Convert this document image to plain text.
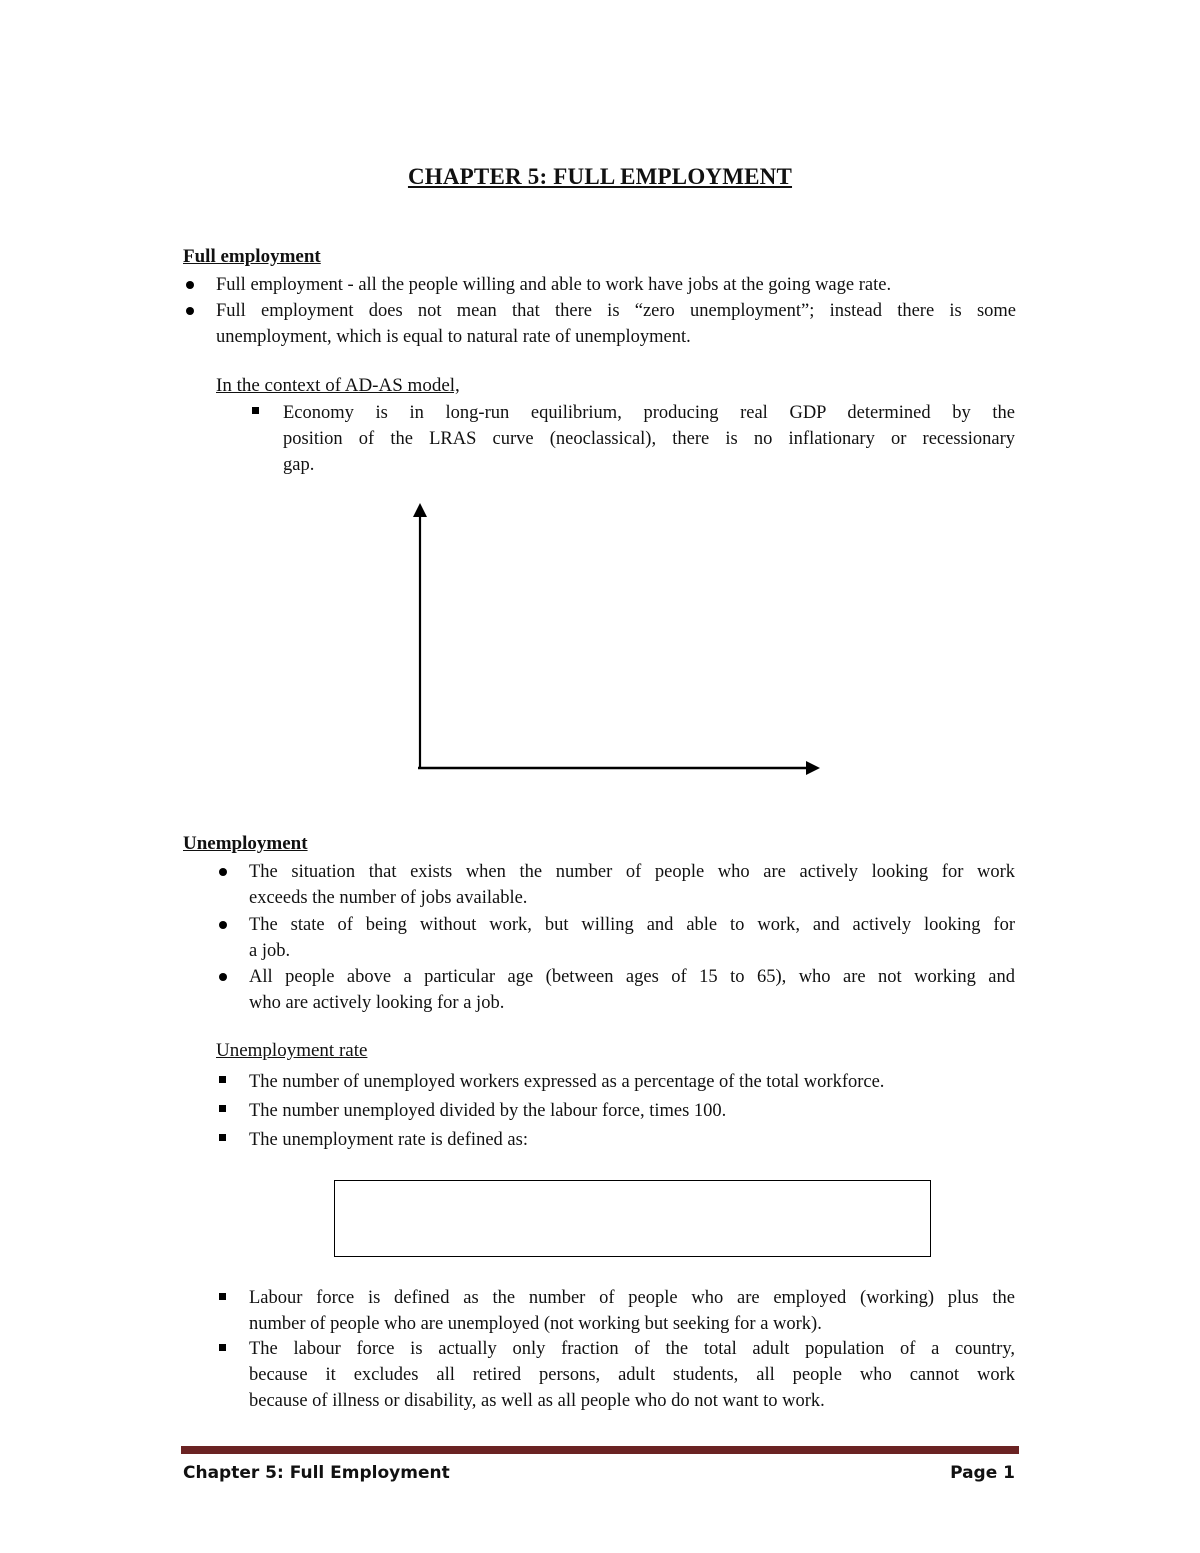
CHAPTER 5: FULL EMPLOYMENT
Full employment
Full employment - all the people willing and able to work have jobs at the going wage rate.
Full employment does not mean that there is “zero unemployment”; instead there is some
unemployment, which is equal to natural rate of unemployment.
In the context of AD-AS model,
Economy is in long-run equilibrium, producing real GDP determined by the
position of the LRAS curve (neoclassical), there is no inflationary or recessionary
gap.
Unemployment
The situation that exists when the number of people who are actively looking for work
exceeds the number of jobs available.
The state of being without work, but willing and able to work, and actively looking for
a job.
All people above a particular age (between ages of 15 to 65), who are not working and
who are actively looking for a job.
Unemployment rate
The number of unemployed workers expressed as a percentage of the total workforce.
The number unemployed divided by the labour force, times 100.
The unemployment rate is defined as:
Labour force is defined as the number of people who are employed (working) plus the
number of people who are unemployed (not working but seeking for a work).
The labour force is actually only fraction of the total adult population of a country,
because it excludes all retired persons, adult students, all people who cannot work
because of illness or disability, as well as all people who do not want to work.
Chapter 5: Full Employment	Page 1
